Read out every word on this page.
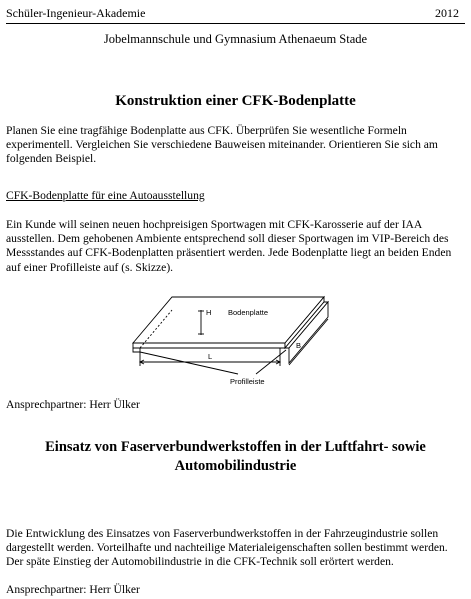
Schüler-Ingenieur-Akademie	2012
Jobelmannschule und Gymnasium Athenaeum Stade
Konstruktion einer CFK-Bodenplatte

Planen Sie eine tragfähige Bodenplatte aus CFK. Überprüfen Sie wesentliche Formeln experimentell. Vergleichen Sie verschiedene Bauweisen miteinander. Orientieren Sie sich am folgenden Beispiel.

CFK-Bodenplatte für eine Autoausstellung

Ein Kunde will seinen neuen hochpreisigen Sportwagen mit CFK-Karosserie auf der IAA ausstellen. Dem gehobenen Ambiente entsprechend soll dieser Sportwagen im VIP-Bereich des Messstandes auf CFK-Bodenplatten präsentiert werden. Jede Bodenplatte liegt an beiden Enden auf einer Profilleiste auf (s. Skizze).

H Bodenplatte
L
B
Profilleiste
Ansprechpartner: Herr Ülker
Einsatz von Faserverbundwerkstoffen in der Luftfahrt- sowie Automobilindustrie

Die Entwicklung des Einsatzes von Faserverbundwerkstoffen in der Fahrzeugindustrie sollen dargestellt werden. Vorteilhafte und nachteilige Materialeigenschaften sollen bestimmt werden. Der späte Einstieg der Automobilindustrie in die CFK-Technik soll erörtert werden.

Ansprechpartner: Herr Ülker
